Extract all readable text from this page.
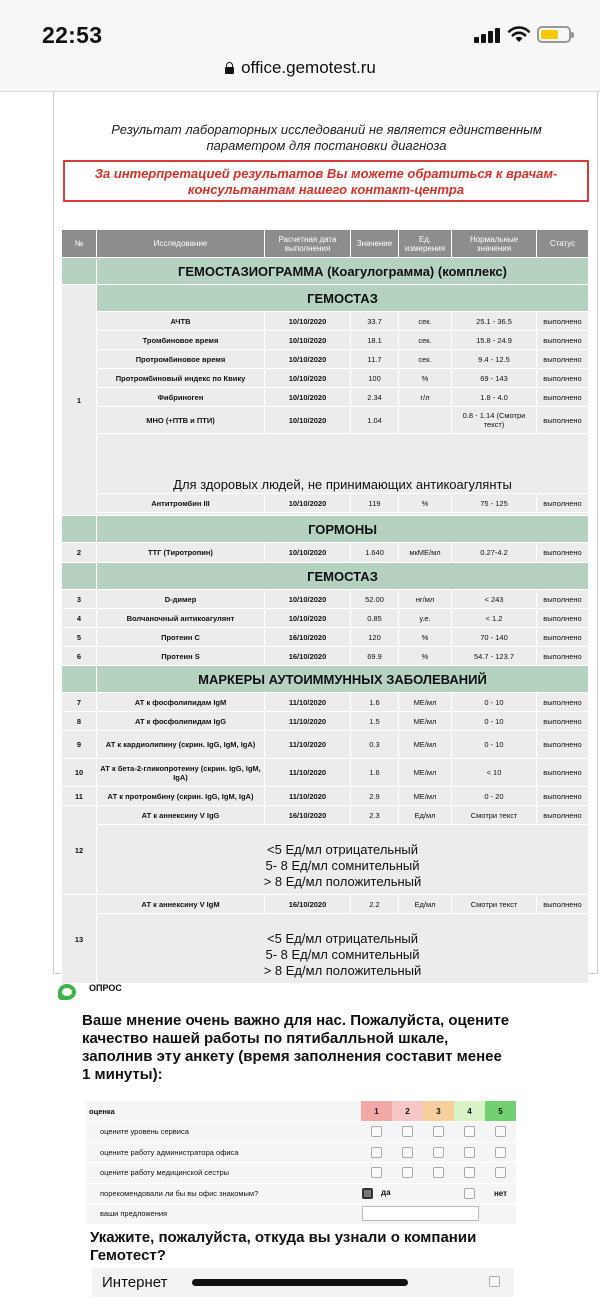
22:53
office.gemotest.ru
Результат лабораторных исследований не является единственным параметром для постановки диагноза
За интерпретацией результатов Вы можете обратиться к врачам-консультантам нашего контакт-центра
№	Исследование	Расчетная дата выполнения	Значение	Ед. измерения	Нормальные значения	Статус
	ГЕМОСТАЗИОГРАММА (Коагулограмма) (комплекс)					
1	ГЕМОСТАЗ					
	АЧТВ	10/10/2020	33.7	сек.	25.1 - 36.5	выполнено
	Тромбиновое время	10/10/2020	18.1	сек.	15.8 - 24.9	выполнено
	Протромбиновое время	10/10/2020	11.7	сек.	9.4 - 12.5	выполнено
	Протромбиновый индекс по Квику	10/10/2020	100	%	69 - 143	выполнено
	Фибриноген	10/10/2020	2.34	г/л	1.8 - 4.0	выполнено
	МНО (+ПТВ и ПТИ)	10/10/2020	1.04		0.8 - 1.14 (Смотри текст)	выполнено
	Для здоровых людей, не принимающих антикоагулянты					
	Антитромбин III	10/10/2020	119	%	75 - 125	выполнено

	ГОРМОНЫ					
2	ТТГ (Тиротропин)	10/10/2020	1.640	мкМЕ/мл	0.27-4.2	выполнено
	ГЕМОСТАЗ					
3	D-димер	10/10/2020	52.00	нг/мл	< 243	выполнено
4	Волчаночный антикоагулянт	10/10/2020	0.85	у.е.	< 1.2	выполнено
5	Протеин С	16/10/2020	120	%	70 - 140	выполнено
6	Протеин S	16/10/2020	69.9	%	54.7 - 123.7	выполнено
	МАРКЕРЫ АУТОИММУННЫХ ЗАБОЛЕВАНИЙ					
7	АТ к фосфолипидам IgM	11/10/2020	1.6	МЕ/мл	0 - 10	выполнено
8	АТ к фосфолипидам IgG	11/10/2020	1.5	МЕ/мл	0 - 10	выполнено
9	АТ к кардиолипину (скрин. IgG, IgM, IgA)	11/10/2020	0.3	МЕ/мл	0 - 10	выполнено
10	АТ к бета-2-гликопротеину (скрин. IgG, IgM, IgA)	11/10/2020	1.6	МЕ/мл	< 10	выполнено
11	АТ к протромбину (скрин. IgG, IgM, IgA)	11/10/2020	2.9	МЕ/мл	0 - 20	выполнено
12	АТ к аннексину V IgG	16/10/2020	2.3	Ед/мл	Смотри текст	выполнено

	<5 Ед/мл отрицательный
5- 8 Ед/мл сомнительный
> 8 Ед/мл положительный					

13	АТ к аннексину V IgM	16/10/2020	2.2	Ед/мл	Смотри текст	выполнено

	<5 Ед/мл отрицательный
5- 8 Ед/мл сомнительный
> 8 Ед/мл положительный					
ОПРОС
Ваше мнение очень важно для нас. Пожалуйста, оцените качество нашей работы по пятибалльной шкале, заполнив эту анкету (время заполнения составит менее 1 минуты):
оценка	1	2	3	4	5
оцените уровень сервиса					
оцените работу администратора офиса					
оцените работу медицинской сестры					
порекомендовали ли бы вы офис знакомым?	да				нет
ваши предложения					
Укажите, пожалуйста, откуда вы узнали о компании Гемотест?
Интернет
